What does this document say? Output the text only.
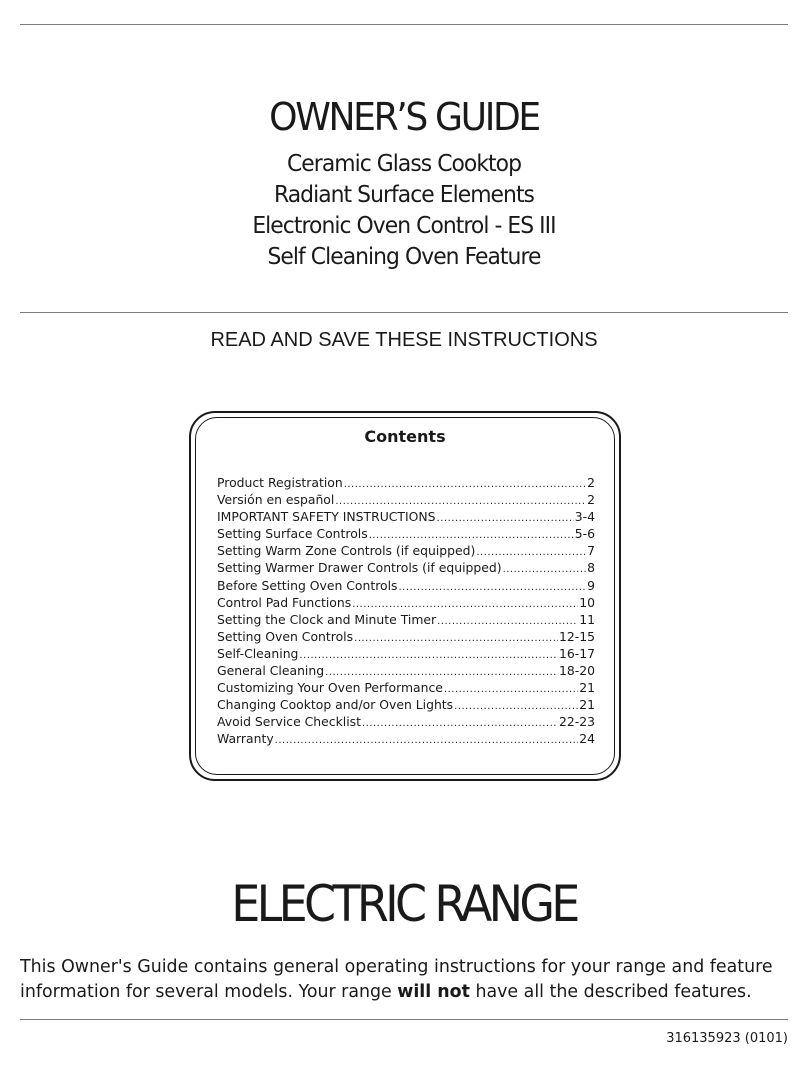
OWNER’S GUIDE
Ceramic Glass Cooktop
Radiant Surface Elements
Electronic Oven Control - ES III
Self Cleaning Oven Feature
READ AND SAVE THESE INSTRUCTIONS
Contents
Product Registration .....	2
Versión en español .....	2
IMPORTANT SAFETY INSTRUCTIONS .....	3-4
Setting Surface Controls .....	5-6
Setting Warm Zone Controls (if equipped) .....	7
Setting Warmer Drawer Controls (if equipped) .....	8
Before Setting Oven Controls .....	9
Control Pad Functions .....	10
Setting the Clock and Minute Timer .....	11
Setting Oven Controls .....	12-15
Self-Cleaning .....	16-17
General Cleaning .....	18-20
Customizing Your Oven Performance .....	21
Changing Cooktop and/or Oven Lights .....	21
Avoid Service Checklist .....	22-23
Warranty .....	24
ELECTRIC RANGE
This Owner's Guide contains general operating instructions for your range and feature information for several models. Your range will not have all the described features.
316135923 (0101)
